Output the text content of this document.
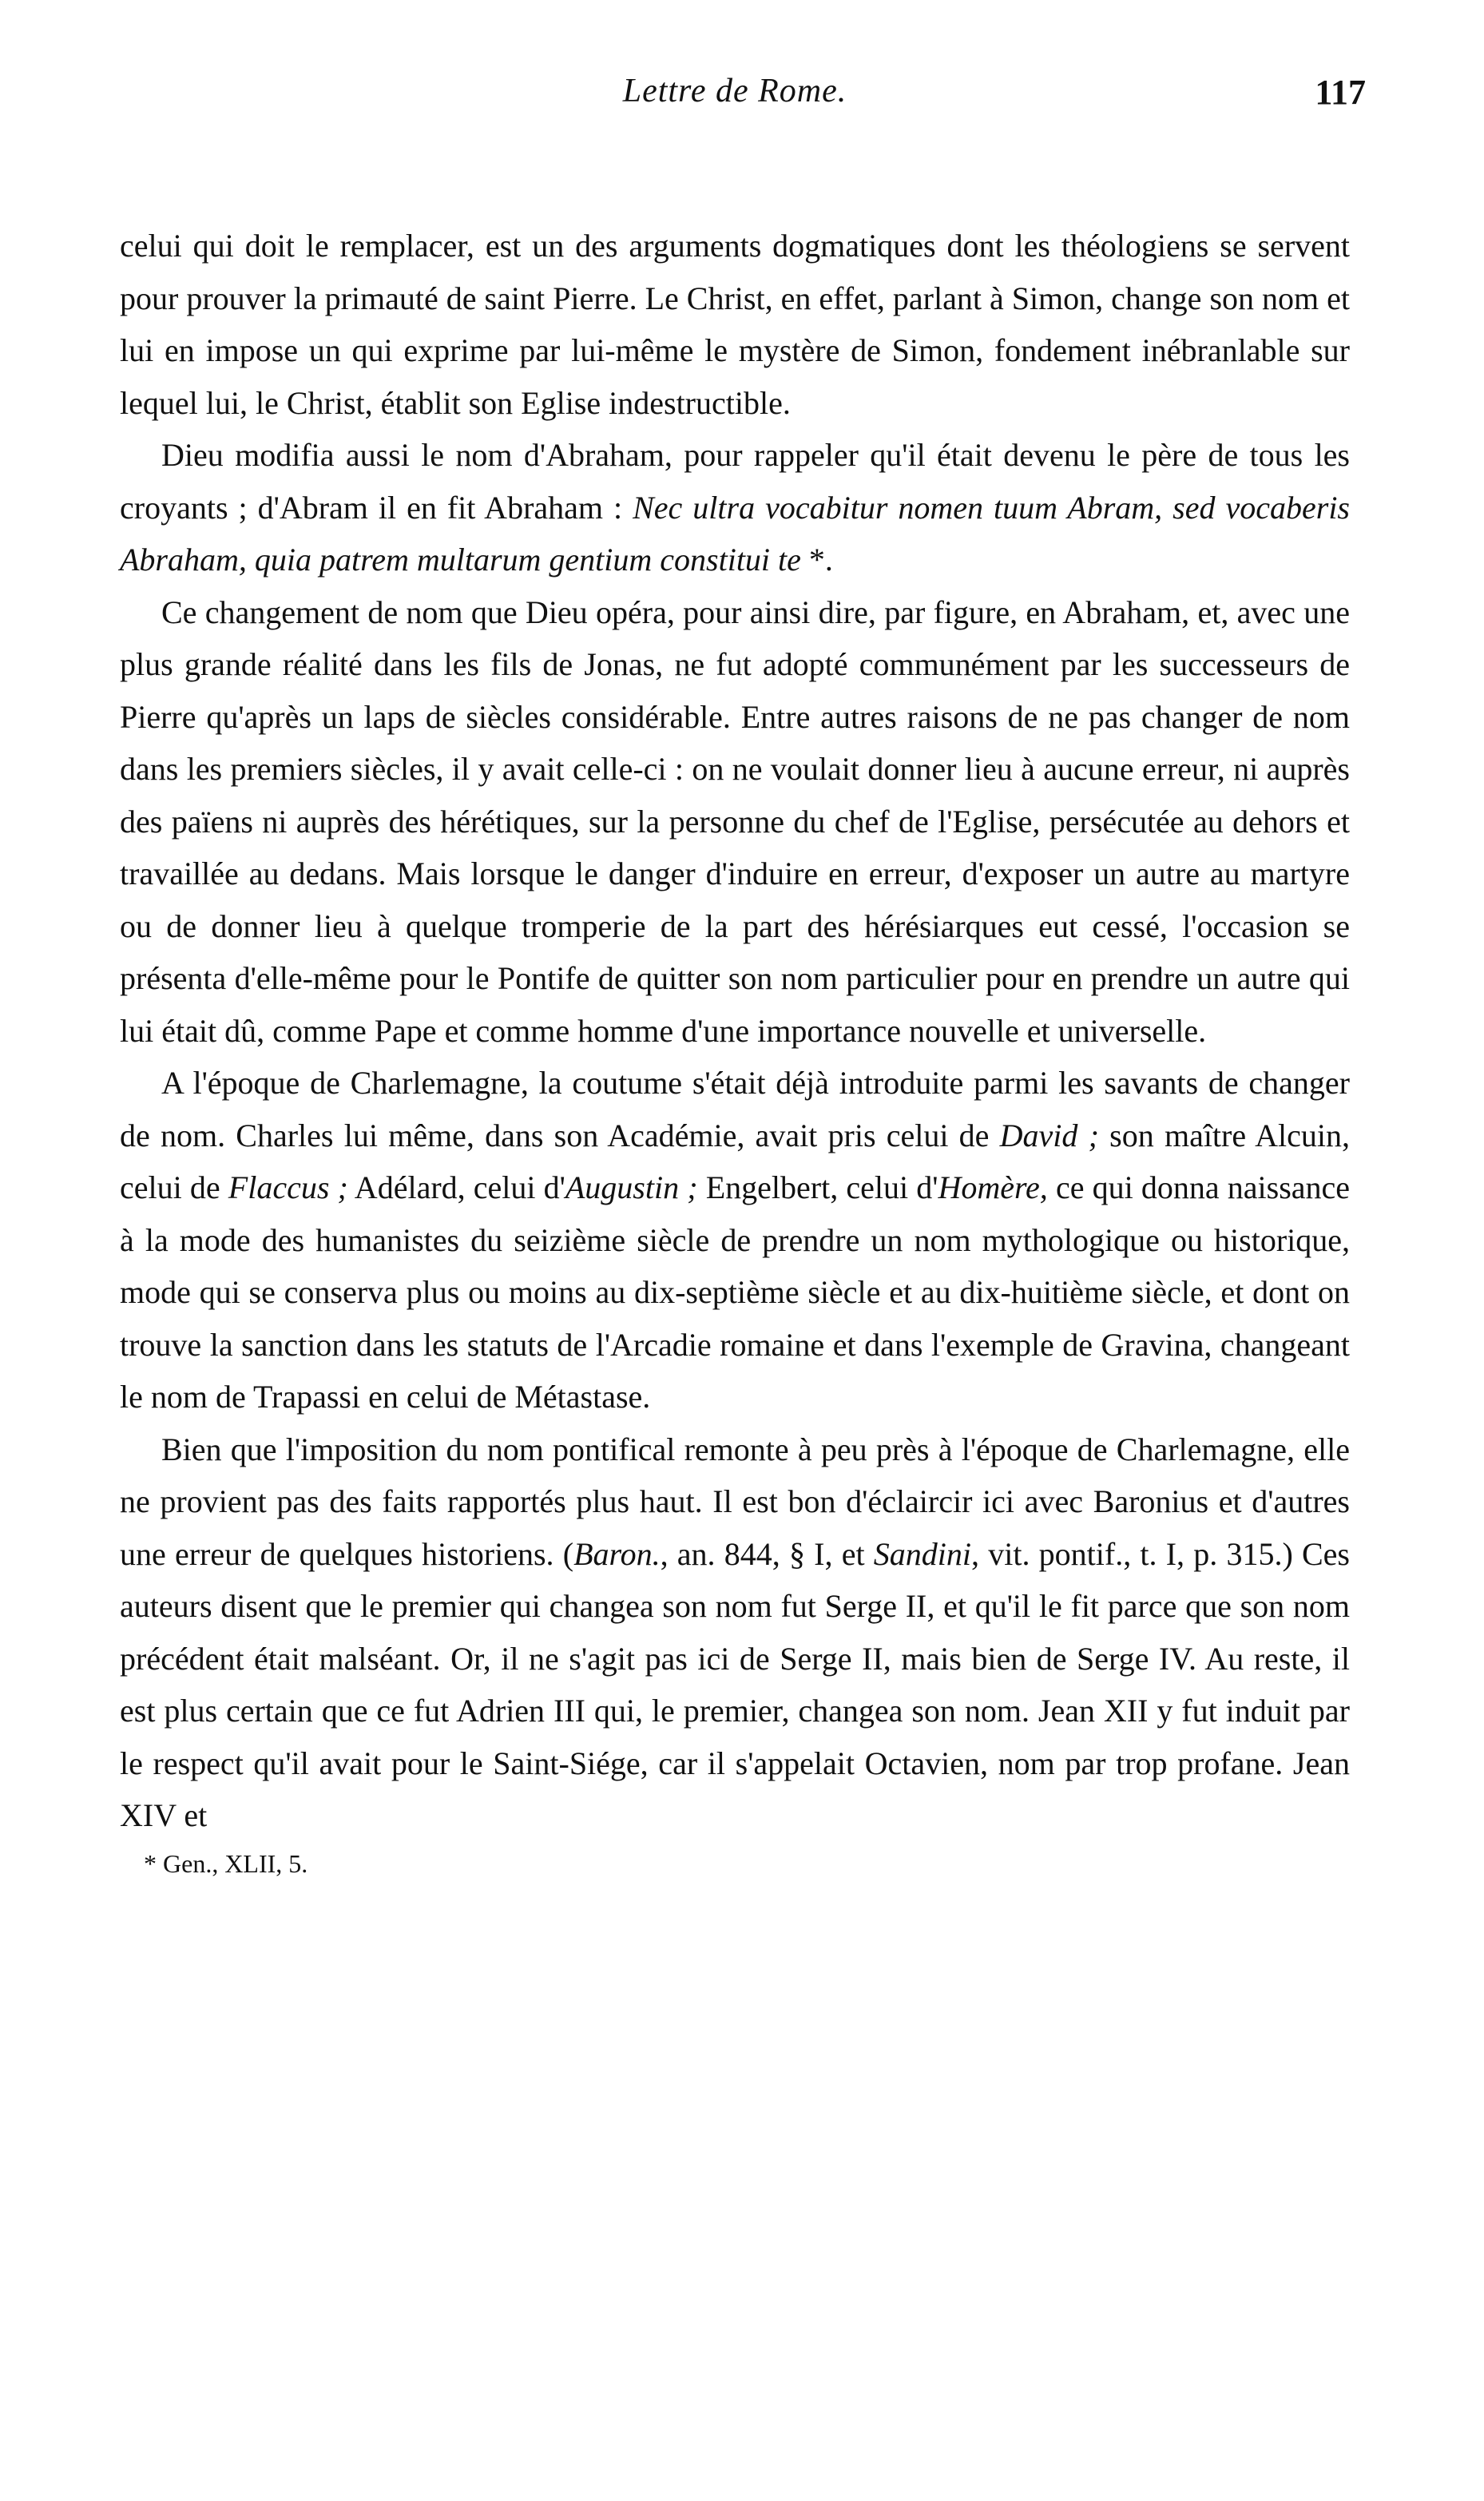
Lettre de Rome.	117

celui qui doit le remplacer, est un des arguments dogmatiques dont les théologiens se servent pour prouver la primauté de saint Pierre. Le Christ, en effet, parlant à Simon, change son nom et lui en impose un qui exprime par lui-même le mystère de Simon, fondement inébranlable sur lequel lui, le Christ, établit son Eglise indestructible.

Dieu modifia aussi le nom d'Abraham, pour rappeler qu'il était devenu le père de tous les croyants ; d'Abram il en fit Abraham : Nec ultra vocabitur nomen tuum Abram, sed vocaberis Abraham, quia patrem multarum gentium constitui te *.

Ce changement de nom que Dieu opéra, pour ainsi dire, par figure, en Abraham, et, avec une plus grande réalité dans les fils de Jonas, ne fut adopté communément par les successeurs de Pierre qu'après un laps de siècles considérable. Entre autres raisons de ne pas changer de nom dans les premiers siècles, il y avait celle-ci : on ne voulait donner lieu à aucune erreur, ni auprès des païens ni auprès des hérétiques, sur la personne du chef de l'Eglise, persécutée au dehors et travaillée au dedans. Mais lorsque le danger d'induire en erreur, d'exposer un autre au martyre ou de donner lieu à quelque tromperie de la part des hérésiarques eut cessé, l'occasion se présenta d'elle-même pour le Pontife de quitter son nom particulier pour en prendre un autre qui lui était dû, comme Pape et comme homme d'une importance nouvelle et universelle.

A l'époque de Charlemagne, la coutume s'était déjà introduite parmi les savants de changer de nom. Charles lui même, dans son Académie, avait pris celui de David ; son maître Alcuin, celui de Flaccus ; Adélard, celui d'Augustin ; Engelbert, celui d'Homère, ce qui donna naissance à la mode des humanistes du seizième siècle de prendre un nom mythologique ou historique, mode qui se conserva plus ou moins au dix-septième siècle et au dix-huitième siècle, et dont on trouve la sanction dans les statuts de l'Arcadie romaine et dans l'exemple de Gravina, changeant le nom de Trapassi en celui de Métastase.

Bien que l'imposition du nom pontifical remonte à peu près à l'époque de Charlemagne, elle ne provient pas des faits rapportés plus haut. Il est bon d'éclaircir ici avec Baronius et d'autres une erreur de quelques historiens. (Baron., an. 844, § I, et Sandini, vit. pontif., t. I, p. 315.) Ces auteurs disent que le premier qui changea son nom fut Serge II, et qu'il le fit parce que son nom précédent était malséant. Or, il ne s'agit pas ici de Serge II, mais bien de Serge IV. Au reste, il est plus certain que ce fut Adrien III qui, le premier, changea son nom. Jean XII y fut induit par le respect qu'il avait pour le Saint-Siége, car il s'appelait Octavien, nom par trop profane. Jean XIV et

* Gen., XLII, 5.
